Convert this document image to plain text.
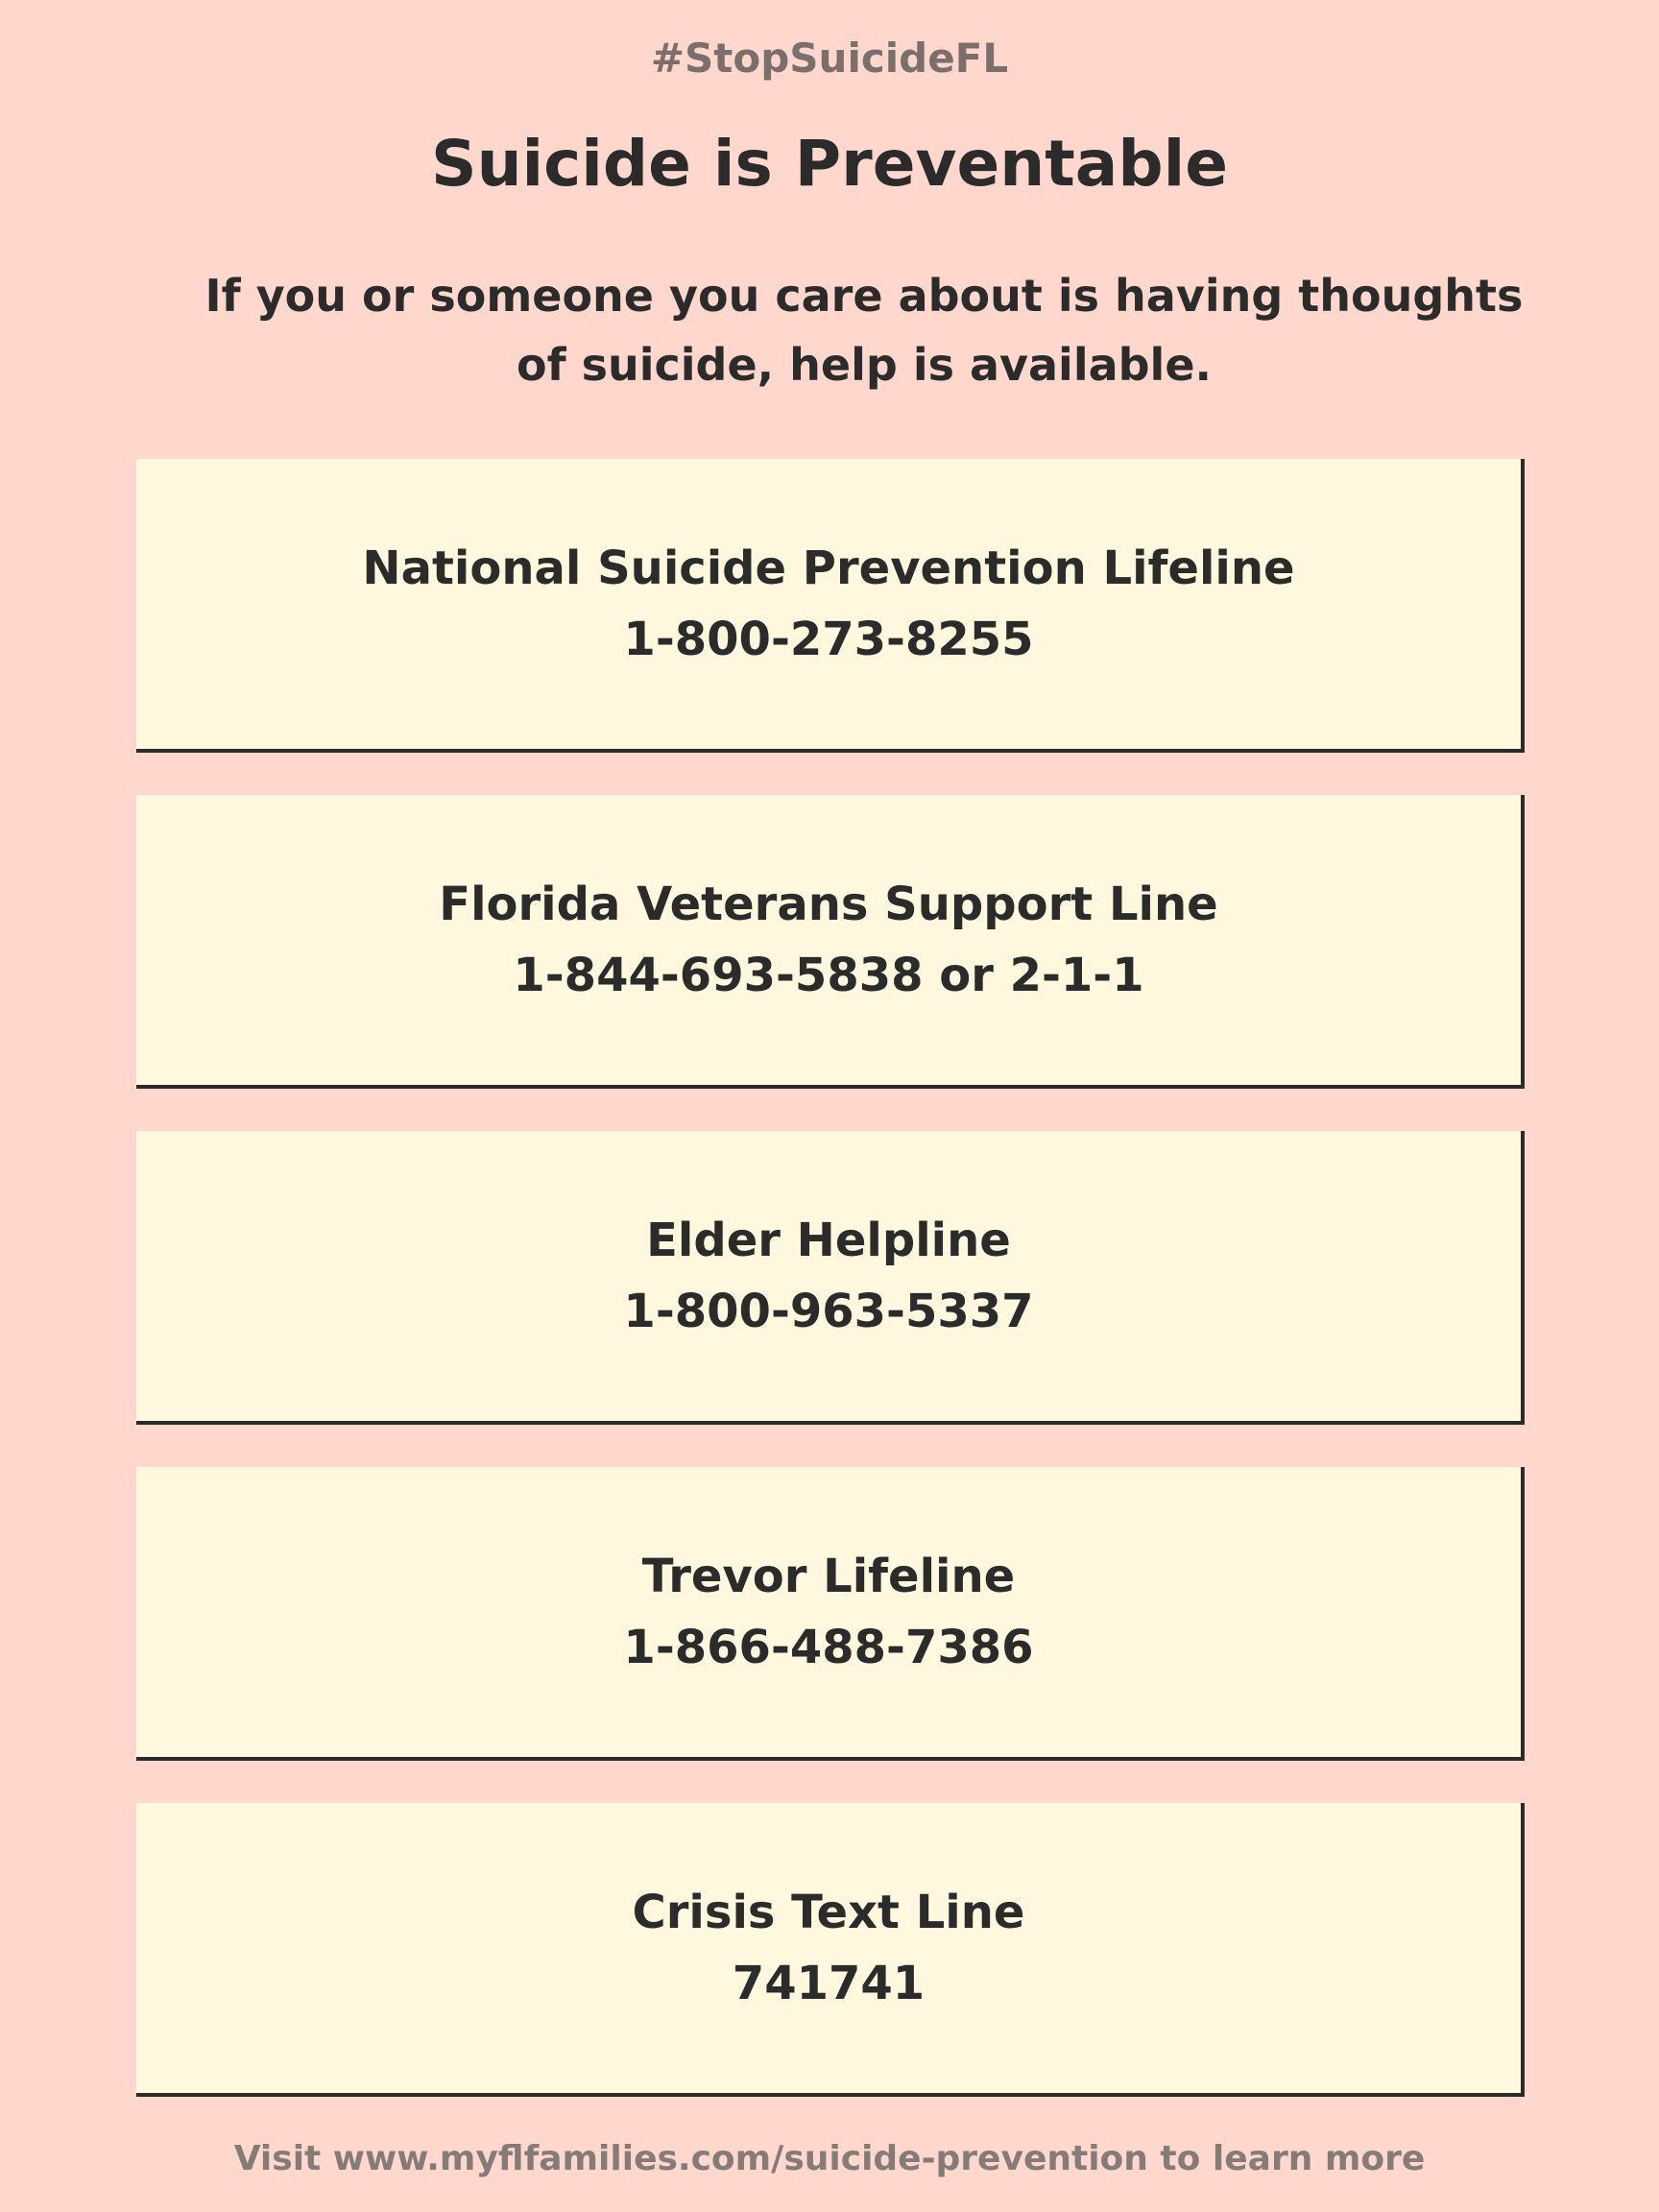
#StopSuicideFL

Suicide is Preventable

If you or someone you care about is having thoughts of suicide, help is available.

National Suicide Prevention Lifeline
1-800-273-8255
Florida Veterans Support Line
1-844-693-5838 or 2-1-1
Elder Helpline
1-800-963-5337
Trevor Lifeline
1-866-488-7386
Crisis Text Line
741741

Visit www.myflfamilies.com/suicide-prevention to learn more
